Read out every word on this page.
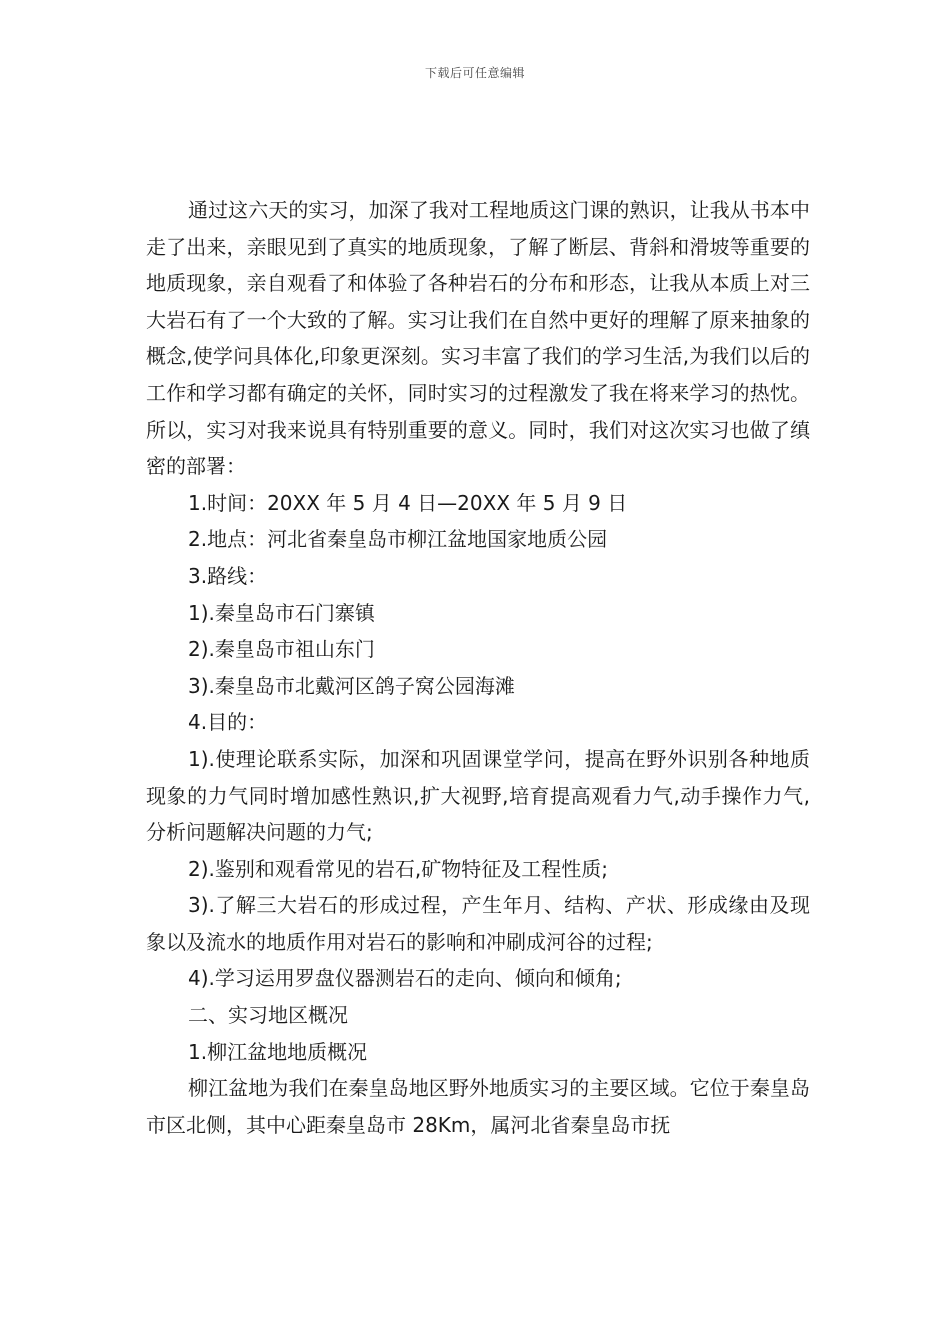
下载后可任意编辑

通过这六天的实习，加深了我对工程地质这门课的熟识，让我从书本中走了出来，亲眼见到了真实的地质现象，了解了断层、背斜和滑坡等重要的地质现象，亲自观看了和体验了各种岩石的分布和形态，让我从本质上对三大岩石有了一个大致的了解。实习让我们在自然中更好的理解了原来抽象的概念,使学问具体化,印象更深刻。实习丰富了我们的学习生活,为我们以后的工作和学习都有确定的关怀，同时实习的过程激发了我在将来学习的热忱。所以，实习对我来说具有特别重要的意义。同时，我们对这次实习也做了缜密的部署：

1.时间：20XX 年 5 月 4 日—20XX 年 5 月 9 日

2.地点：河北省秦皇岛市柳江盆地国家地质公园

3.路线：

1).秦皇岛市石门寨镇

2).秦皇岛市祖山东门

3).秦皇岛市北戴河区鸽子窝公园海滩

4.目的：

1).使理论联系实际，加深和巩固课堂学问，提高在野外识别各种地质现象的力气同时增加感性熟识,扩大视野,培育提高观看力气,动手操作力气,分析问题解决问题的力气;

2).鉴别和观看常见的岩石,矿物特征及工程性质;

3).了解三大岩石的形成过程，产生年月、结构、产状、形成缘由及现象以及流水的地质作用对岩石的影响和冲刷成河谷的过程;

4).学习运用罗盘仪器测岩石的走向、倾向和倾角;

二、实习地区概况

1.柳江盆地地质概况

柳江盆地为我们在秦皇岛地区野外地质实习的主要区域。它位于秦皇岛市区北侧，其中心距秦皇岛市 28Km，属河北省秦皇岛市抚
